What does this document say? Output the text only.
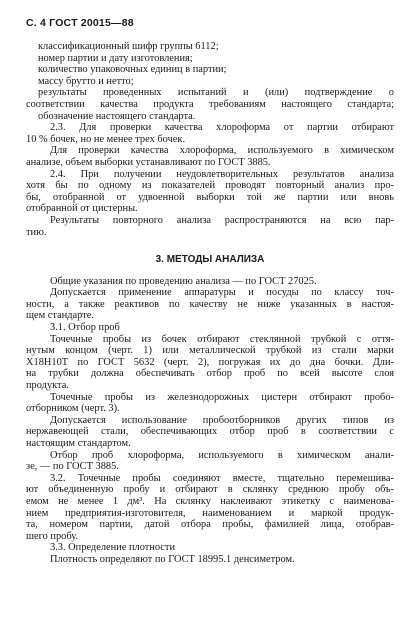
С. 4 ГОСТ 20015—88

классификационный шифр группы 6112;

номер партии и дату изготовления;

количество упаковочных единиц в партии;

массу брутто и нетто;

результаты проведенных испытаний и (или) подтверждение о

соответствии качества продукта требованиям настоящего стандарта;

обозначение настоящего стандарта.

2.3. Для проверки качества хлороформа от партии отбирают

10 % бочек, но не менее трех бочек.

Для проверки качества хлороформа, используемого в химическом

анализе, объем выборки устанавливают по ГОСТ 3885.

2.4. При получении неудовлетворительных результатов анализа

хотя бы по одному из показателей проводят повторный анализ про-

бы, отобранной от удвоенной выборки той же партии или вновь

отобранной от цистерны.

Результаты повторного анализа распространяются на всю пар-

тию.

3. МЕТОДЫ АНАЛИЗА

Общие указания по проведению анализа — по ГОСТ 27025.

Допускается применение аппаратуры и посуды по классу точ-

ности, а также реактивов по качеству не ниже указанных в настоя-

щем стандарте.

3.1. Отбор проб

Точечные пробы из бочек отбирают стеклянной трубкой с оття-

нутым концом (черт. 1) или металлической трубкой из стали марки

Х18Н10Т по ГОСТ 5632 (черт. 2), погружая их до дна бочки. Дли-

на трубки должна обеспечивать отбор проб по всей высоте слоя

продукта.

Точечные пробы из железнодорожных цистерн отбирают пробо-

отборником (черт. 3).

Допускается использование пробоотборников других типов из

нержавеющей стали, обеспечивающих отбор проб в соответствии с

настоящим стандартом.

Отбор проб хлороформа, используемого в химическом анали-

зе, — по ГОСТ 3885.

3.2. Точечные пробы соединяют вместе, тщательно перемешива-

ют объединенную пробу и отбирают в склянку среднюю пробу объ-

емом не менее 1 дм³. На склянку наклеивают этикетку с наименова-

нием предприятия-изготовителя, наименованием и маркой продук-

та, номером партии, датой отбора пробы, фамилией лица, отобрав-

шего пробу.

3.3. Определение плотности

Плотность определяют по ГОСТ 18995.1 денсиметром.
